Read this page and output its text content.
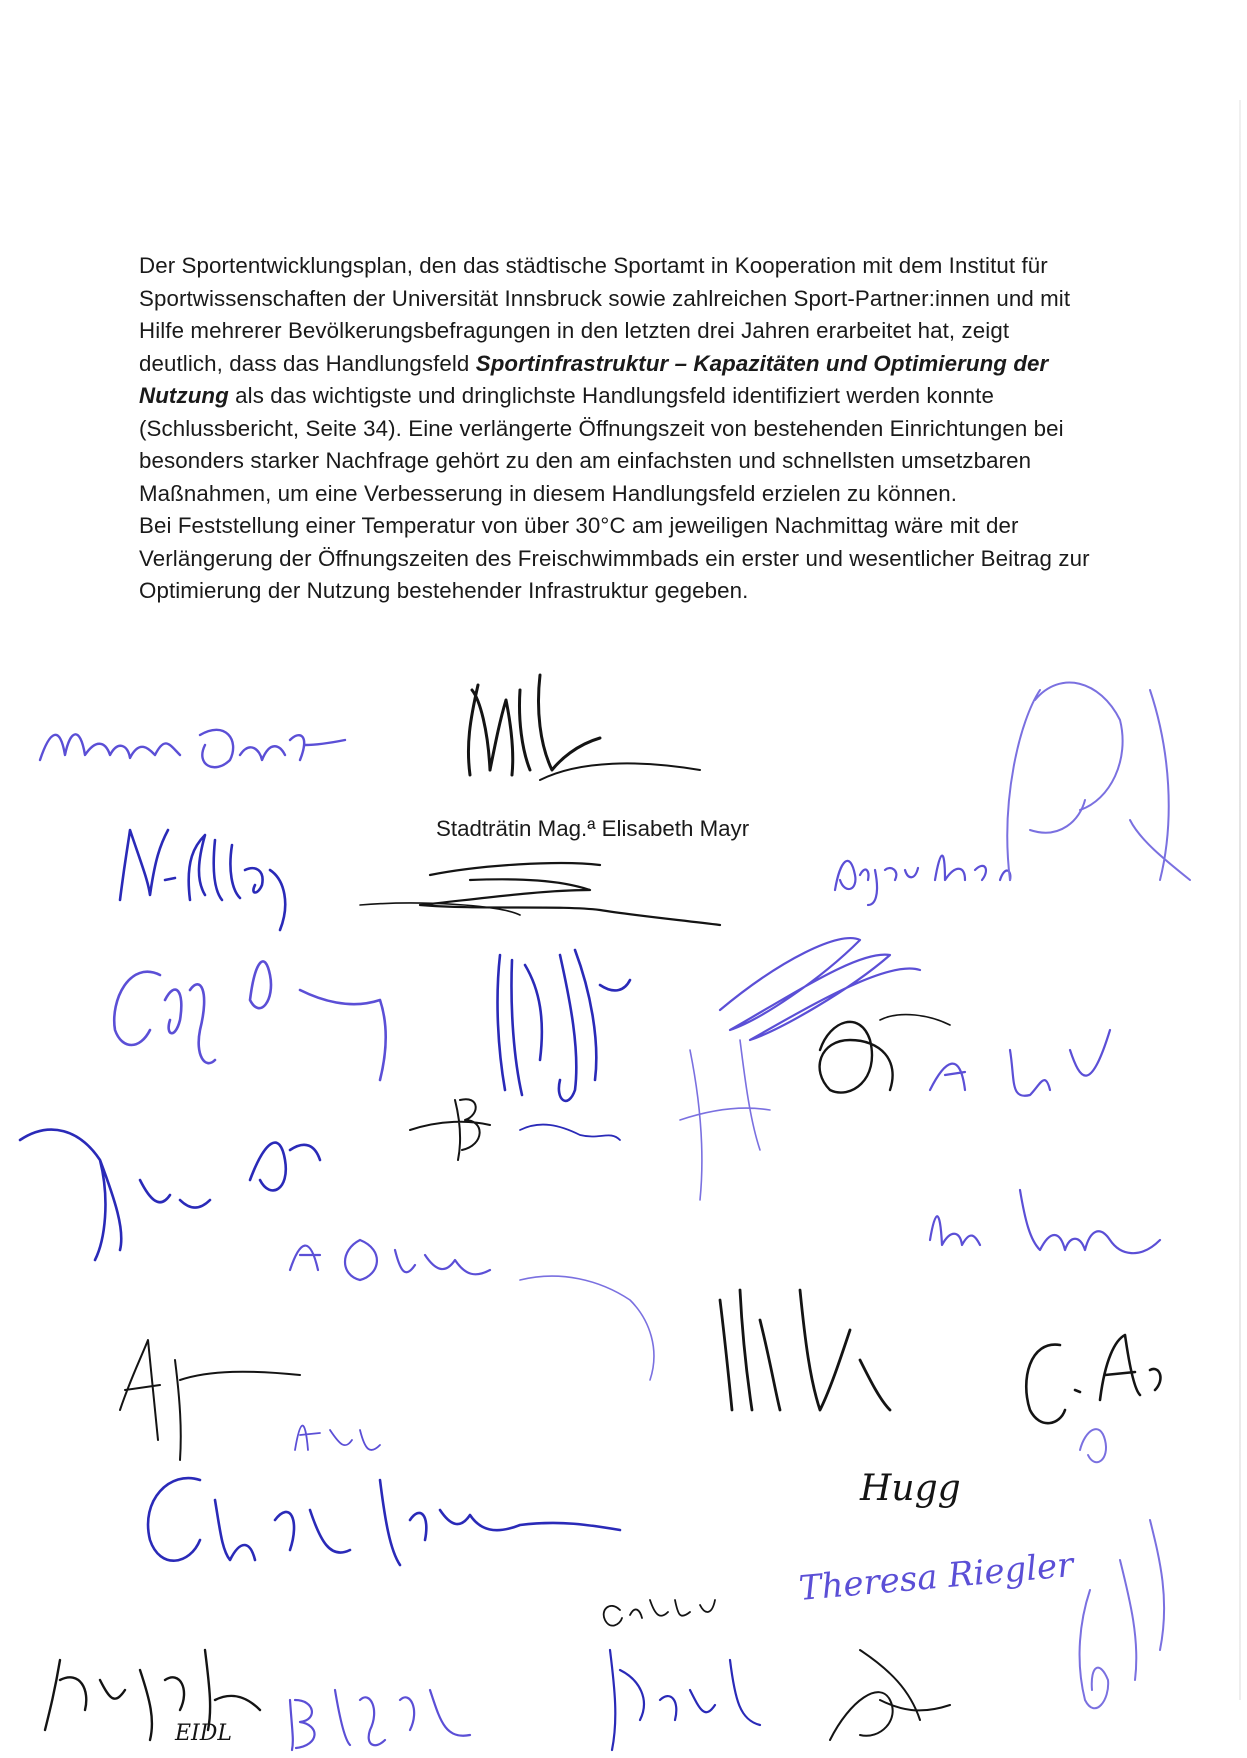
Der Sportentwicklungsplan, den das städtische Sportamt in Kooperation mit dem Institut für Sportwissenschaften der Universität Innsbruck sowie zahlreichen Sport-Partner:innen und mit Hilfe mehrerer Bevölkerungsbefragungen in den letzten drei Jahren erarbeitet hat, zeigt deutlich, dass das Handlungsfeld Sportinfrastruktur – Kapazitäten und Optimierung der Nutzung als das wichtigste und dringlichste Handlungsfeld identifiziert werden konnte (Schlussbericht, Seite 34). Eine verlängerte Öffnungszeit von bestehenden Einrichtungen bei besonders starker Nachfrage gehört zu den am einfachsten und schnellsten umsetzbaren Maßnahmen, um eine Verbesserung in diesem Handlungsfeld erzielen zu können.

Bei Feststellung einer Temperatur von über 30°C am jeweiligen Nachmittag wäre mit der Verlängerung der Öffnungszeiten des Freischwimmbads ein erster und wesentlicher Beitrag zur Optimierung der Nutzung bestehender Infrastruktur gegeben.

Stadträtin Mag.ª Elisabeth Mayr
Hugg
Theresa Riegler
EIDL
